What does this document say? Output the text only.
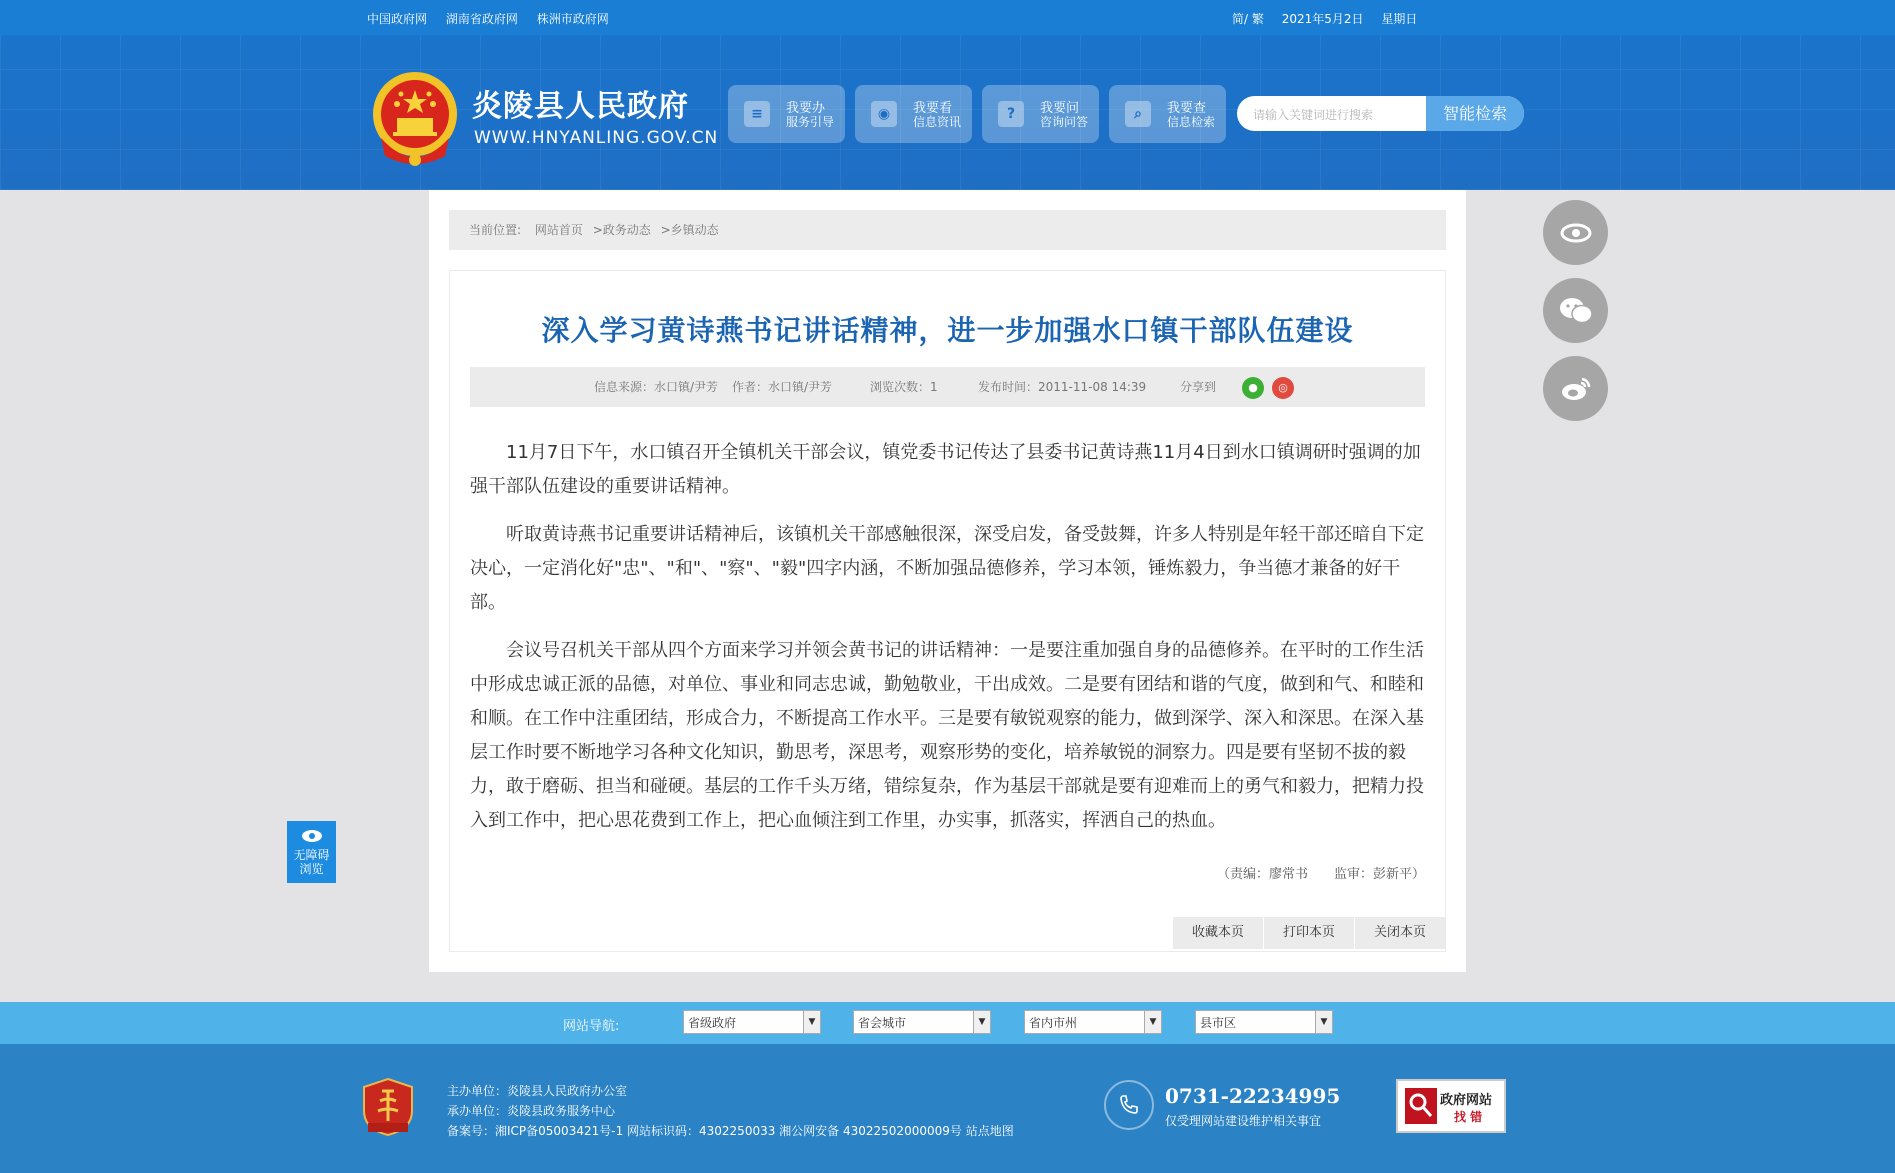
中国政府网 湖南省政府网 株洲市政府网	简/ 繁 2021年5月2日 星期日
炎陵县人民政府
WWW.HNYANLING.GOV.CN
≡	我要办
服务引导	◉	我要看
信息资讯	?	我要问
咨询问答	⌕	我要查
信息检索
请输入关键词进行搜索	智能检索
无障碍
浏览
当前位置: 网站首页 >政务动态 >乡镇动态
深入学习黄诗燕书记讲话精神，进一步加强水口镇干部队伍建设
信息来源：水口镇/尹芳 作者：水口镇/尹芳	浏览次数：1	发布时间：2011-11-08 14:39	分享到	●	◎

11月7日下午，水口镇召开全镇机关干部会议，镇党委书记传达了县委书记黄诗燕11月4日到水口镇调研时强调的加强干部队伍建设的重要讲话精神。

听取黄诗燕书记重要讲话精神后，该镇机关干部感触很深，深受启发，备受鼓舞，许多人特别是年轻干部还暗自下定决心，一定消化好"忠"、"和"、"察"、"毅"四字内涵，不断加强品德修养，学习本领，锤炼毅力，争当德才兼备的好干部。

会议号召机关干部从四个方面来学习并领会黄书记的讲话精神：一是要注重加强自身的品德修养。在平时的工作生活中形成忠诚正派的品德，对单位、事业和同志忠诚，勤勉敬业，干出成效。二是要有团结和谐的气度，做到和气、和睦和和顺。在工作中注重团结，形成合力，不断提高工作水平。三是要有敏锐观察的能力，做到深学、深入和深思。在深入基层工作时要不断地学习各种文化知识，勤思考，深思考，观察形势的变化，培养敏锐的洞察力。四是要有坚韧不拔的毅力，敢于磨砺、担当和碰硬。基层的工作千头万绪，错综复杂，作为基层干部就是要有迎难而上的勇气和毅力，把精力投入到工作中，把心思花费到工作上，把心血倾注到工作里，办实事，抓落实，挥洒自己的热血。

（责编：廖常书　　监审：彭新平）
收藏本页	打印本页	关闭本页
网站导航:	省级政府	▼	省会城市	▼	省内市州	▼	县市区	▼
主办单位：炎陵县人民政府办公室
承办单位：炎陵县政务服务中心
备案号：湘ICP备05003421号-1 网站标识码：4302250033 湘公网安备 43022502000009号 站点地图
0731-22234995
仅受理网站建设维护相关事宜
政府网站
找 错
